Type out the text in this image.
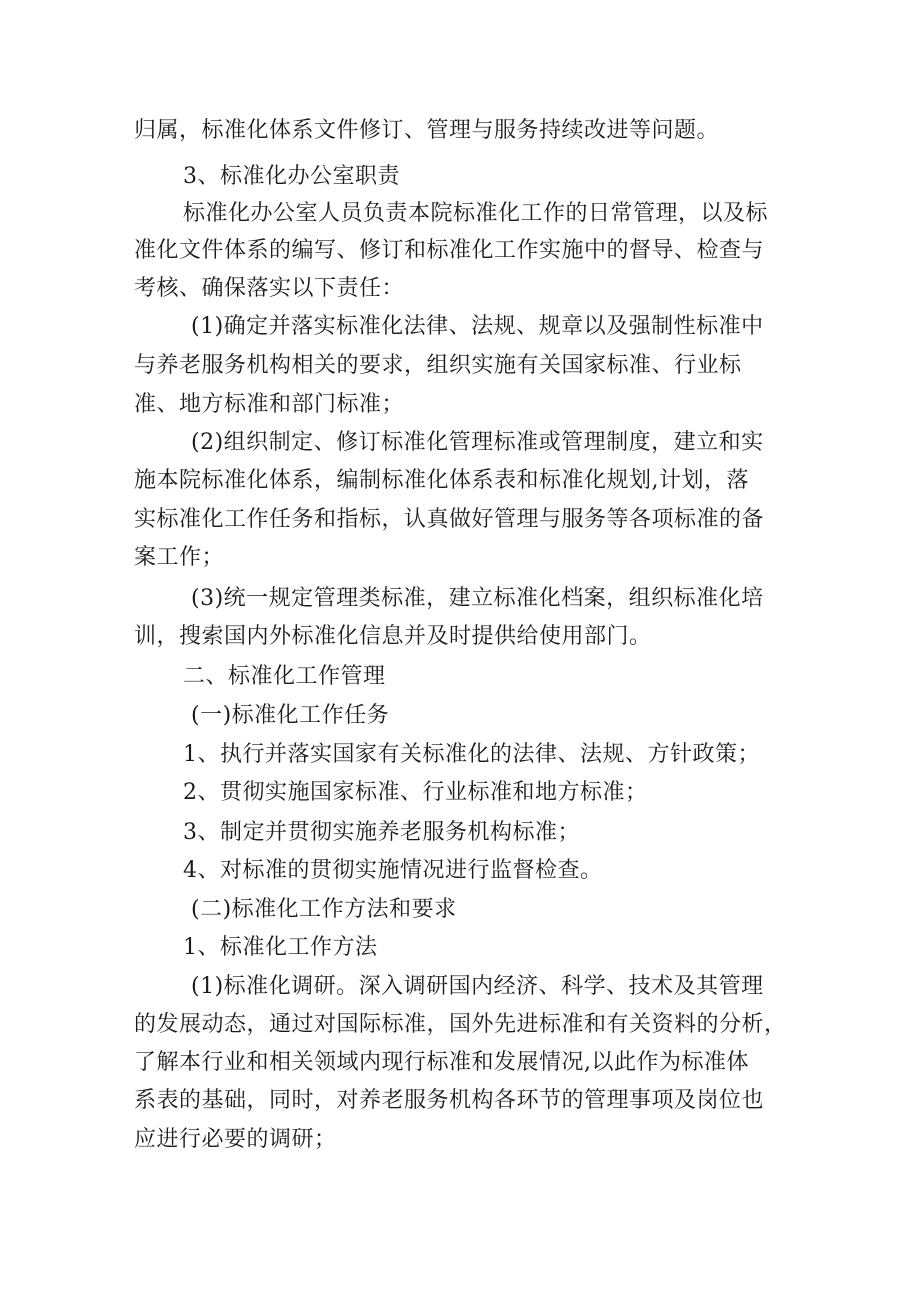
归属，标准化体系文件修订、管理与服务持续改进等问题。
3、标准化办公室职责
标准化办公室人员负责本院标准化工作的日常管理，以及标
准化文件体系的编写、修订和标准化工作实施中的督导、检查与
考核、确保落实以下责任：
(1)确定并落实标准化法律、法规、规章以及强制性标准中
与养老服务机构相关的要求，组织实施有关国家标准、行业标
准、地方标准和部门标准；
(2)组织制定、修订标准化管理标准或管理制度，建立和实
施本院标准化体系，编制标准化体系表和标准化规划,计划，落
实标准化工作任务和指标，认真做好管理与服务等各项标准的备
案工作；
(3)统一规定管理类标准，建立标准化档案，组织标准化培
训，搜索国内外标准化信息并及时提供给使用部门。
二、标准化工作管理
(一)标准化工作任务
1、执行并落实国家有关标准化的法律、法规、方针政策；
2、贯彻实施国家标准、行业标准和地方标准；
3、制定并贯彻实施养老服务机构标准；
4、对标准的贯彻实施情况进行监督检查。
(二)标准化工作方法和要求
1、标准化工作方法
(1)标准化调研。深入调研国内经济、科学、技术及其管理
的发展动态，通过对国际标准，国外先进标准和有关资料的分析，
了解本行业和相关领域内现行标准和发展情况,以此作为标准体
系表的基础，同时，对养老服务机构各环节的管理事项及岗位也
应进行必要的调研；
